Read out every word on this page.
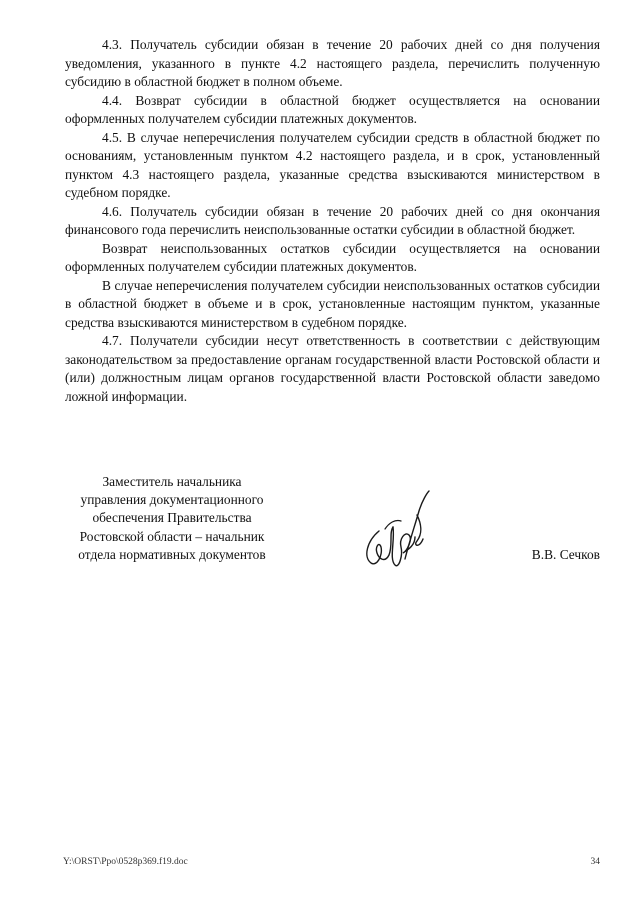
4.3. Получатель субсидии обязан в течение 20 рабочих дней со дня получения уведомления, указанного в пункте 4.2 настоящего раздела, перечислить полученную субсидию в областной бюджет в полном объеме.

4.4. Возврат субсидии в областной бюджет осуществляется на основании оформленных получателем субсидии платежных документов.

4.5. В случае неперечисления получателем субсидии средств в областной бюджет по основаниям, установленным пунктом 4.2 настоящего раздела, и в срок, установленный пунктом 4.3 настоящего раздела, указанные средства взыскиваются министерством в судебном порядке.

4.6. Получатель субсидии обязан в течение 20 рабочих дней со дня окончания финансового года перечислить неиспользованные остатки субсидии в областной бюджет.

Возврат неиспользованных остатков субсидии осуществляется на основании оформленных получателем субсидии платежных документов.

В случае неперечисления получателем субсидии неиспользованных остатков субсидии в областной бюджет в объеме и в срок, установленные настоящим пунктом, указанные средства взыскиваются министерством в судебном порядке.

4.7. Получатели субсидии несут ответственность в соответствии с действующим законодательством за предоставление органам государственной власти Ростовской области и (или) должностным лицам органов государственной власти Ростовской области заведомо ложной информации.

Заместитель начальника
управления документационного
обеспечения Правительства
Ростовской области – начальник
отдела нормативных документов	В.В. Сечков
Y:\ORST\Ppo\0528p369.f19.doc	34
